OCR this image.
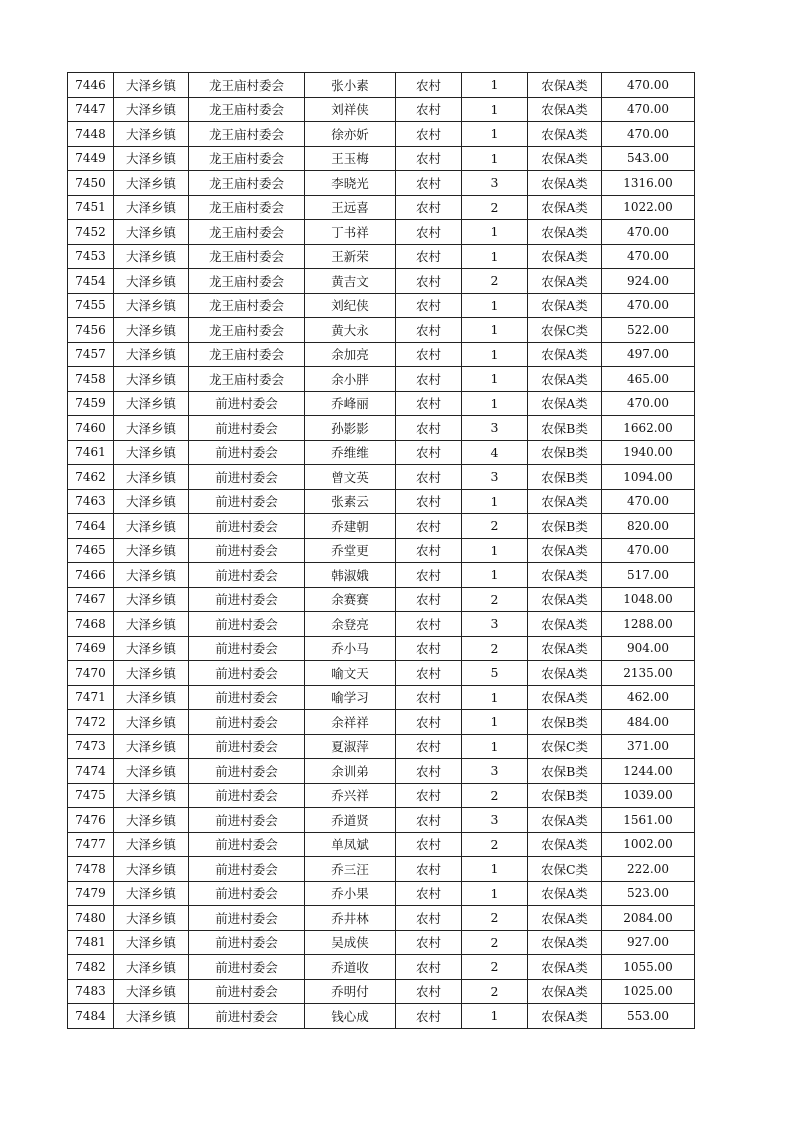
7446	大泽乡镇	龙王庙村委会	张小素	农村	1	农保A类	470.00
7447	大泽乡镇	龙王庙村委会	刘祥侠	农村	1	农保A类	470.00
7448	大泽乡镇	龙王庙村委会	徐亦妡	农村	1	农保A类	470.00
7449	大泽乡镇	龙王庙村委会	王玉梅	农村	1	农保A类	543.00
7450	大泽乡镇	龙王庙村委会	李晓光	农村	3	农保A类	1316.00
7451	大泽乡镇	龙王庙村委会	王远喜	农村	2	农保A类	1022.00
7452	大泽乡镇	龙王庙村委会	丁书祥	农村	1	农保A类	470.00
7453	大泽乡镇	龙王庙村委会	王新荣	农村	1	农保A类	470.00
7454	大泽乡镇	龙王庙村委会	黄吉文	农村	2	农保A类	924.00
7455	大泽乡镇	龙王庙村委会	刘纪侠	农村	1	农保A类	470.00
7456	大泽乡镇	龙王庙村委会	黄大永	农村	1	农保C类	522.00
7457	大泽乡镇	龙王庙村委会	余加亮	农村	1	农保A类	497.00
7458	大泽乡镇	龙王庙村委会	余小胖	农村	1	农保A类	465.00
7459	大泽乡镇	前进村委会	乔峰丽	农村	1	农保A类	470.00
7460	大泽乡镇	前进村委会	孙影影	农村	3	农保B类	1662.00
7461	大泽乡镇	前进村委会	乔维维	农村	4	农保B类	1940.00
7462	大泽乡镇	前进村委会	曾文英	农村	3	农保B类	1094.00
7463	大泽乡镇	前进村委会	张素云	农村	1	农保A类	470.00
7464	大泽乡镇	前进村委会	乔建朝	农村	2	农保B类	820.00
7465	大泽乡镇	前进村委会	乔堂更	农村	1	农保A类	470.00
7466	大泽乡镇	前进村委会	韩淑娥	农村	1	农保A类	517.00
7467	大泽乡镇	前进村委会	余赛赛	农村	2	农保A类	1048.00
7468	大泽乡镇	前进村委会	余登亮	农村	3	农保A类	1288.00
7469	大泽乡镇	前进村委会	乔小马	农村	2	农保A类	904.00
7470	大泽乡镇	前进村委会	喻文天	农村	5	农保A类	2135.00
7471	大泽乡镇	前进村委会	喻学习	农村	1	农保A类	462.00
7472	大泽乡镇	前进村委会	余祥祥	农村	1	农保B类	484.00
7473	大泽乡镇	前进村委会	夏淑萍	农村	1	农保C类	371.00
7474	大泽乡镇	前进村委会	余训弟	农村	3	农保B类	1244.00
7475	大泽乡镇	前进村委会	乔兴祥	农村	2	农保B类	1039.00
7476	大泽乡镇	前进村委会	乔道贤	农村	3	农保A类	1561.00
7477	大泽乡镇	前进村委会	单凤斌	农村	2	农保A类	1002.00
7478	大泽乡镇	前进村委会	乔三汪	农村	1	农保C类	222.00
7479	大泽乡镇	前进村委会	乔小果	农村	1	农保A类	523.00
7480	大泽乡镇	前进村委会	乔井林	农村	2	农保A类	2084.00
7481	大泽乡镇	前进村委会	吴成侠	农村	2	农保A类	927.00
7482	大泽乡镇	前进村委会	乔道收	农村	2	农保A类	1055.00
7483	大泽乡镇	前进村委会	乔明付	农村	2	农保A类	1025.00
7484	大泽乡镇	前进村委会	钱心成	农村	1	农保A类	553.00
